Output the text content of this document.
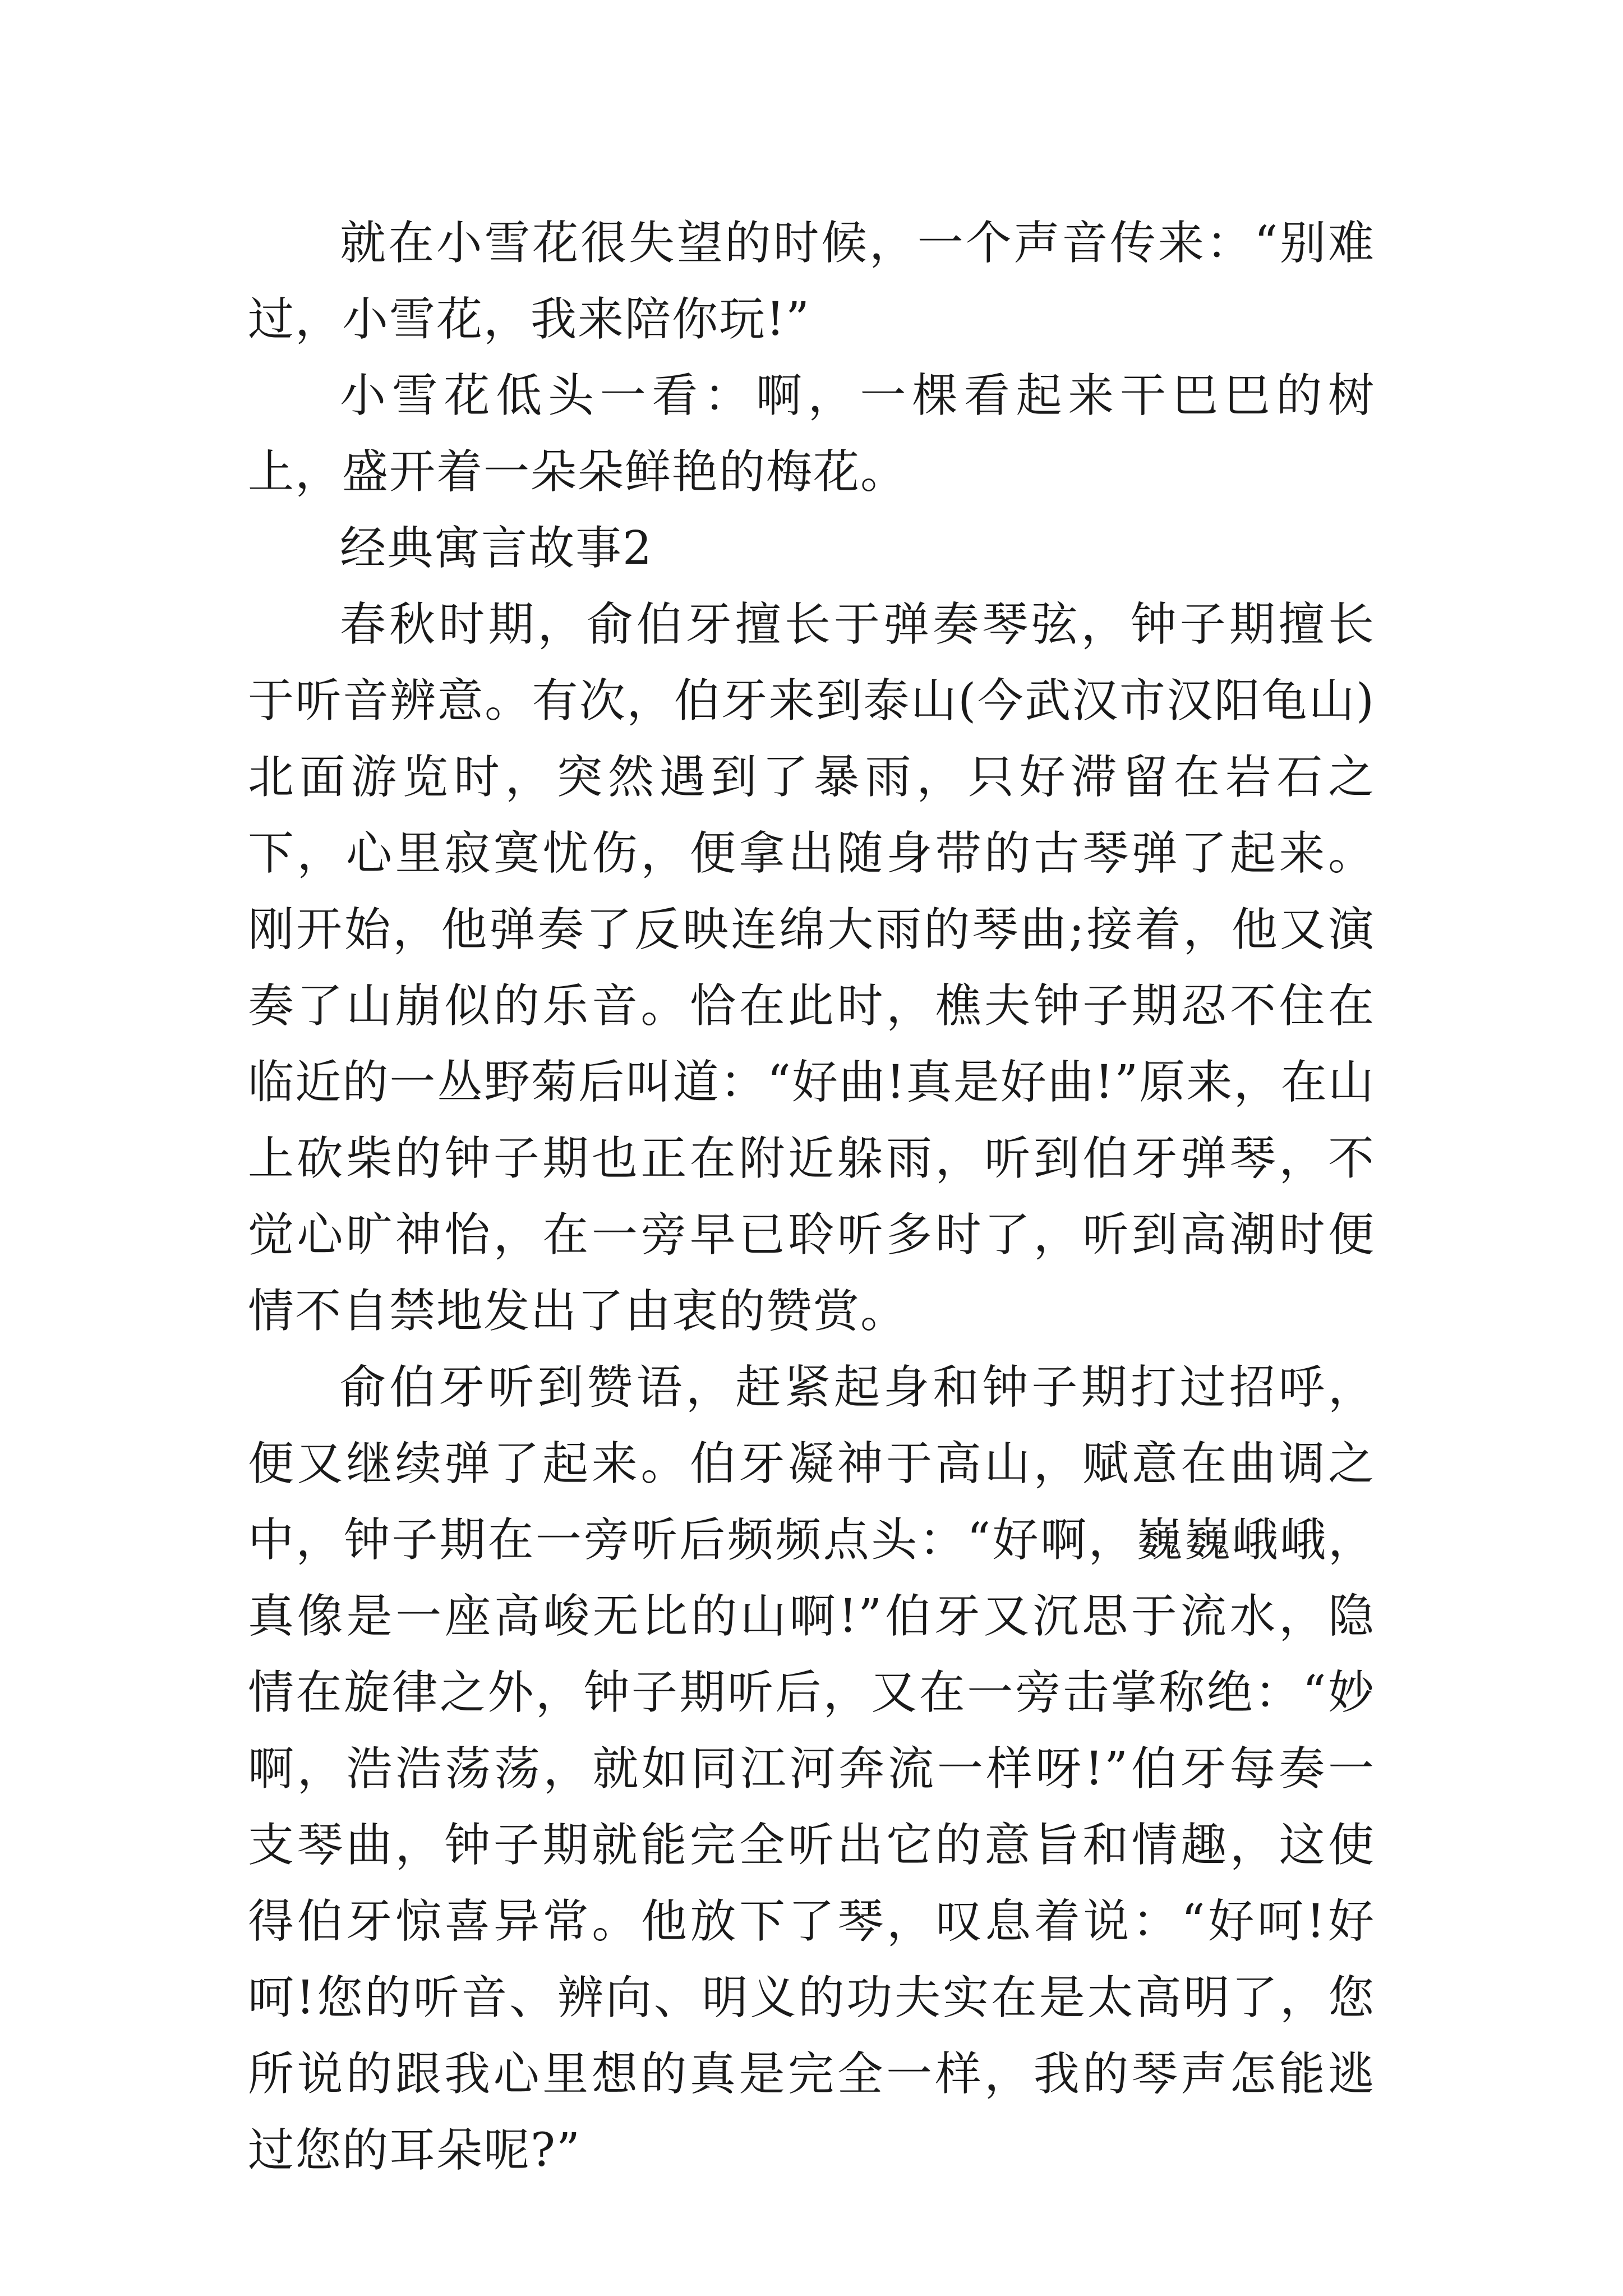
就在小雪花很失望的时候，一个声音传来：“别难过，小雪花，我来陪你玩!”

小雪花低头一看：啊，一棵看起来干巴巴的树上，盛开着一朵朵鲜艳的梅花。

经典寓言故事2

春秋时期，俞伯牙擅长于弹奏琴弦，钟子期擅长于听音辨意。有次，伯牙来到泰山(今武汉市汉阳龟山)北面游览时，突然遇到了暴雨，只好滞留在岩石之下，心里寂寞忧伤，便拿出随身带的古琴弹了起来。刚开始，他弹奏了反映连绵大雨的琴曲;接着，他又演奏了山崩似的乐音。恰在此时，樵夫钟子期忍不住在临近的一丛野菊后叫道：“好曲!真是好曲!”原来，在山上砍柴的钟子期也正在附近躲雨，听到伯牙弹琴，不觉心旷神怡，在一旁早已聆听多时了，听到高潮时便情不自禁地发出了由衷的赞赏。

俞伯牙听到赞语，赶紧起身和钟子期打过招呼，便又继续弹了起来。伯牙凝神于高山，赋意在曲调之中，钟子期在一旁听后频频点头：“好啊，巍巍峨峨，真像是一座高峻无比的山啊!”伯牙又沉思于流水，隐情在旋律之外，钟子期听后，又在一旁击掌称绝：“妙啊，浩浩荡荡，就如同江河奔流一样呀!”伯牙每奏一支琴曲，钟子期就能完全听出它的意旨和情趣，这使得伯牙惊喜异常。他放下了琴，叹息着说：“好呵!好呵!您的听音、辨向、明义的功夫实在是太高明了，您所说的跟我心里想的真是完全一样，我的琴声怎能逃过您的耳朵呢?”
